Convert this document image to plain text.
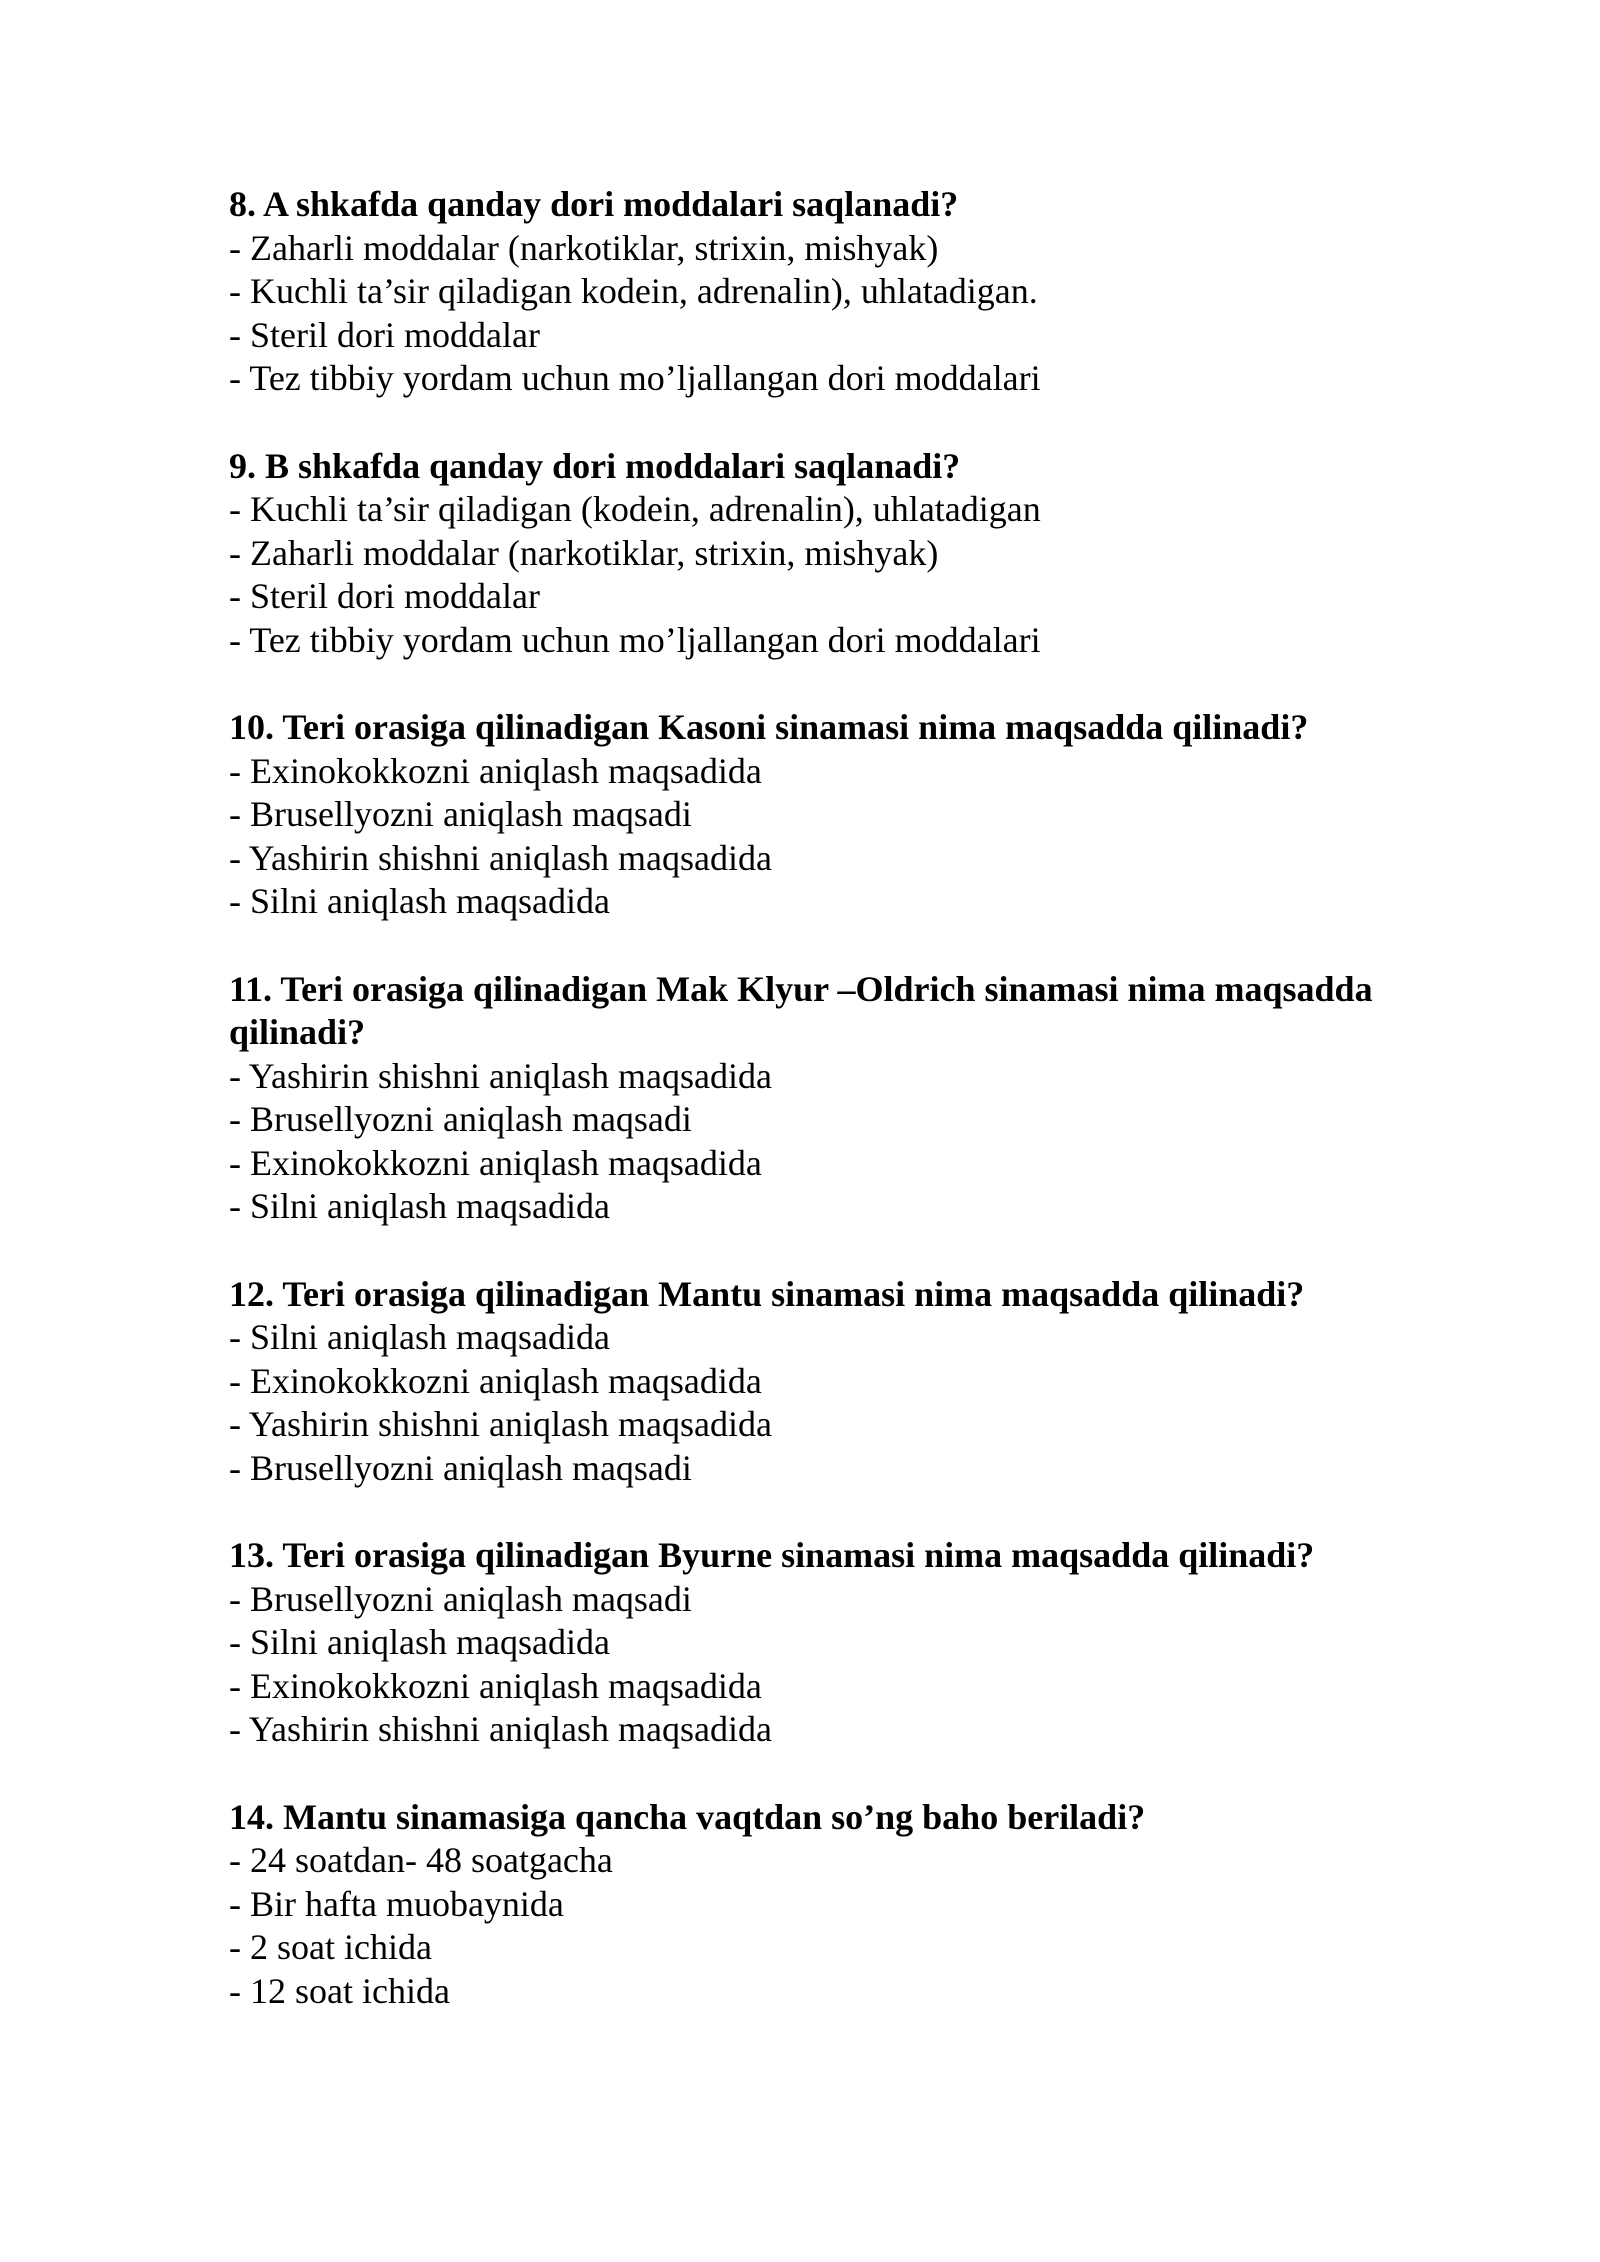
8. A shkafda qanday dori moddalari saqlanadi?

- Zaharli moddalar (narkotiklar, strixin, mishyak)
- Kuchli ta’sir qiladigan kodein, adrenalin), uhlatadigan.
- Steril dori moddalar
- Tez tibbiy yordam uchun mo’ljallangan dori moddalari

9. B shkafda qanday dori moddalari saqlanadi?

- Kuchli ta’sir qiladigan (kodein, adrenalin), uhlatadigan
- Zaharli moddalar (narkotiklar, strixin, mishyak)
- Steril dori moddalar
- Tez tibbiy yordam uchun mo’ljallangan dori moddalari

10. Teri orasiga qilinadigan Kasoni sinamasi nima maqsadda qilinadi?

- Exinokokkozni aniqlash maqsadida
- Brusellyozni aniqlash maqsadi
- Yashirin shishni aniqlash maqsadida
- Silni aniqlash maqsadida

11. Teri orasiga qilinadigan Mak Klyur –Oldrich sinamasi nima maqsadda qilinadi?

- Yashirin shishni aniqlash maqsadida
- Brusellyozni aniqlash maqsadi
- Exinokokkozni aniqlash maqsadida
- Silni aniqlash maqsadida

12. Teri orasiga qilinadigan Mantu sinamasi nima maqsadda qilinadi?

- Silni aniqlash maqsadida
- Exinokokkozni aniqlash maqsadida
- Yashirin shishni aniqlash maqsadida
- Brusellyozni aniqlash maqsadi

13. Teri orasiga qilinadigan Byurne sinamasi nima maqsadda qilinadi?

- Brusellyozni aniqlash maqsadi
- Silni aniqlash maqsadida
- Exinokokkozni aniqlash maqsadida
- Yashirin shishni aniqlash maqsadida

14. Mantu sinamasiga qancha vaqtdan so’ng baho beriladi?

- 24 soatdan- 48 soatgacha
- Bir hafta muobaynida
- 2 soat ichida
- 12 soat ichida
